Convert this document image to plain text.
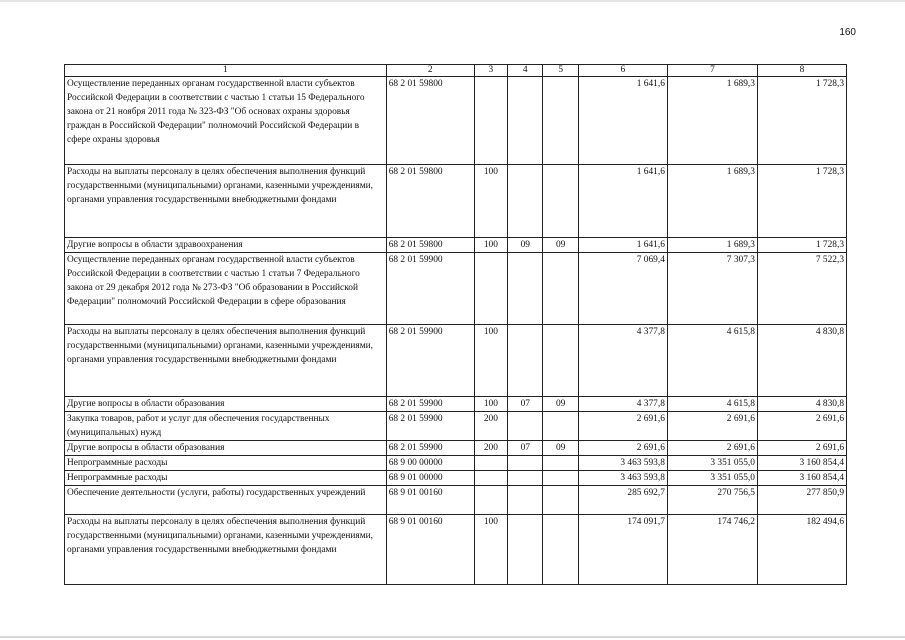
160
1	2	3	4	5	6	7	8
Осуществление переданных органам государственной власти субъектов Российской Федерации в соответствии с частью 1 статьи 15 Федерального закона от 21 ноября 2011 года № 323-ФЗ "Об основах охраны здоровья граждан в Российской Федерации" полномочий Российской Федерации в сфере охраны здоровья	68 2 01 59800				1 641,6	1 689,3	1 728,3
Расходы на выплаты персоналу в целях обеспечения выполнения функций государственными (муниципальными) органами, казенными учреждениями, органами управления государственными внебюджетными фондами	68 2 01 59800	100			1 641,6	1 689,3	1 728,3
Другие вопросы в области здравоохранения	68 2 01 59800	100	09	09	1 641,6	1 689,3	1 728,3
Осуществление переданных органам государственной власти субъектов Российской Федерации в соответствии с частью 1 статьи 7 Федерального закона от 29 декабря 2012 года № 273-ФЗ "Об образовании в Российской Федерации" полномочий Российской Федерации в сфере образования	68 2 01 59900				7 069,4	7 307,3	7 522,3
Расходы на выплаты персоналу в целях обеспечения выполнения функций государственными (муниципальными) органами, казенными учреждениями, органами управления государственными внебюджетными фондами	68 2 01 59900	100			4 377,8	4 615,8	4 830,8
Другие вопросы в области образования	68 2 01 59900	100	07	09	4 377,8	4 615,8	4 830,8
Закупка товаров, работ и услуг для обеспечения государственных (муниципальных) нужд	68 2 01 59900	200			2 691,6	2 691,6	2 691,6
Другие вопросы в области образования	68 2 01 59900	200	07	09	2 691,6	2 691,6	2 691,6
Непрограммные расходы	68 9 00 00000				3 463 593,8	3 351 055,0	3 160 854,4
Непрограммные расходы	68 9 01 00000				3 463 593,8	3 351 055,0	3 160 854,4
Обеспечение деятельности (услуги, работы) государственных учреждений	68 9 01 00160				285 692,7	270 756,5	277 850,9
Расходы на выплаты персоналу в целях обеспечения выполнения функций государственными (муниципальными) органами, казенными учреждениями, органами управления государственными внебюджетными фондами	68 9 01 00160	100			174 091,7	174 746,2	182 494,6
